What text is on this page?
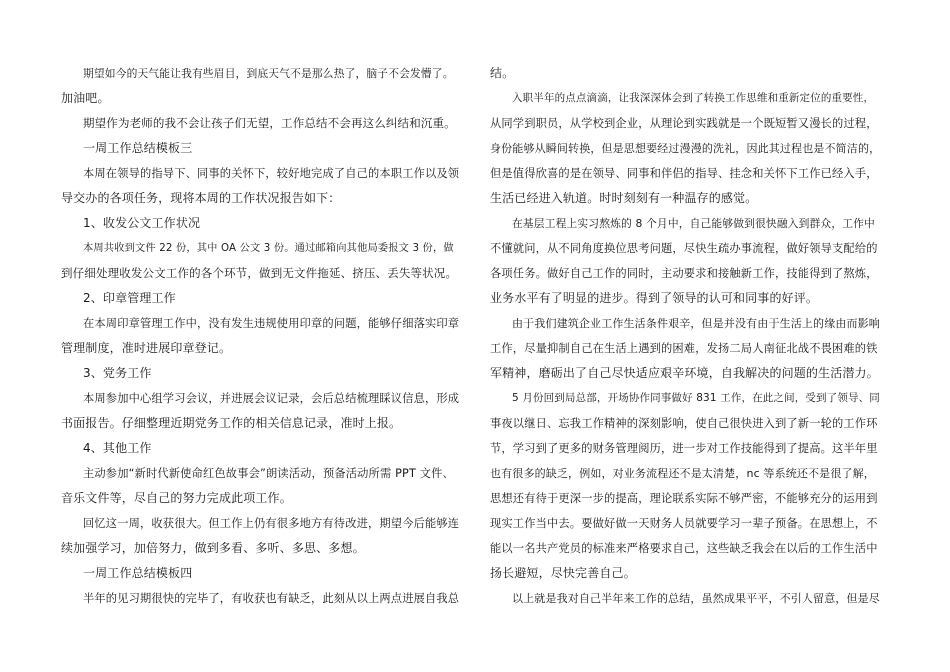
期望如今的天气能让我有些眉目，到底天气不是那么热了，脑子不会发懵了。
加油吧。
期望作为老师的我不会让孩子们无望，工作总结不会再这么纠结和沉重。
一周工作总结模板三
本周在领导的指导下、同事的关怀下，较好地完成了自己的本职工作以及领
导交办的各项任务，现将本周的工作状况报告如下：
1、收发公文工作状况
本周共收到文件 22 份，其中 OA 公文 3 份。通过邮箱向其他局委报文 3 份，做
到仔细处理收发公文工作的各个环节，做到无文件拖延、挤压、丢失等状况。
2、印章管理工作
在本周印章管理工作中，没有发生违规使用印章的问题，能够仔细落实印章
管理制度，准时进展印章登记。
3、党务工作
本周参加中心组学习会议，并进展会议记录，会后总结梳理睬议信息，形成
书面报告。仔细整理近期党务工作的相关信息记录，准时上报。
4、其他工作
主动参加“新时代新使命红色故事会”朗读活动，预备活动所需 PPT 文件、
音乐文件等，尽自己的努力完成此项工作。
回忆这一周，收获很大。但工作上仍有很多地方有待改进，期望今后能够连
续加强学习，加倍努力，做到多看、多听、多思、多想。
一周工作总结模板四
半年的见习期很快的完毕了，有收获也有缺乏，此刻从以上两点进展自我总
结。
入职半年的点点滴滴，让我深深体会到了转换工作思维和重新定位的重要性，
从同学到职员，从学校到企业，从理论到实践就是一个既短暂又漫长的过程，
身份能够从瞬间转换，但是思想要经过漫漫的洗礼，因此其过程也是不简洁的，
但是值得欣喜的是在领导、同事和伴侣的指导、挂念和关怀下工作已经入手，
生活已经进入轨道。时时刻刻有一种温存的感觉。
在基层工程上实习熬炼的 8 个月中，自己能够做到很快融入到群众，工作中
不懂就问，从不同角度换位思考问题，尽快生疏办事流程，做好领导支配给的
各项任务。做好自己工作的同时，主动要求和接触新工作，技能得到了熬炼，
业务水平有了明显的进步。得到了领导的认可和同事的好评。
由于我们建筑企业工作生活条件艰辛，但是并没有由于生活上的缘由而影响
工作，尽量抑制自己在生活上遇到的困难，发扬二局人南征北战不畏困难的铁
军精神，磨砺出了自己尽快适应艰辛环境，自我解决的问题的生活潜力。
5 月份回到局总部，开场协作同事做好 831 工作，在此之间，受到了领导、同
事夜以继日、忘我工作精神的深刻影响，使自己很快进入到了新一轮的工作环
节，学习到了更多的财务管理阅历，进一步对工作技能得到了提高。这半年里
也有很多的缺乏，例如，对业务流程还不是太清楚，nc 等系统还不是很了解，
思想还有待于更深一步的提高，理论联系实际不够严密，不能够充分的运用到
现实工作当中去。要做好做一天财务人员就要学习一辈子预备。在思想上，不
能以一名共产党员的标准来严格要求自己，这些缺乏我会在以后的工作生活中
扬长避短，尽快完善自己。
以上就是我对自己半年来工作的总结，虽然成果平平，不引人留意，但是尽
